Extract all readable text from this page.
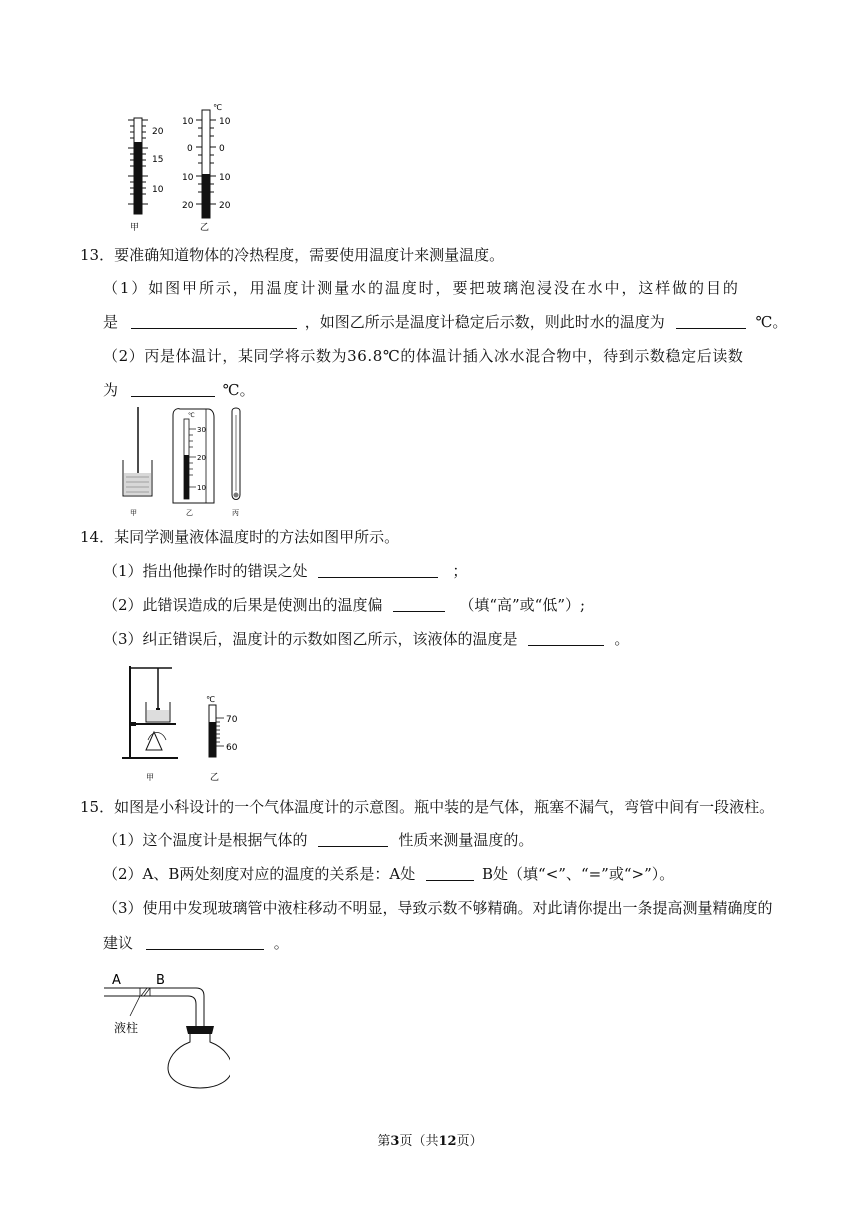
20
15
10
甲
℃
10
0
10
20
10
0
10
20
乙
13．要准确知道物体的冷热程度，需要使用温度计来测量温度。
（1）如图甲所示，用温度计测量水的温度时，要把玻璃泡浸没在水中，这样做的目的
是	，如图乙所示是温度计稳定后示数，则此时水的温度为	℃。
（2）丙是体温计，某同学将示数为36.8℃的体温计插入冰水混合物中，待到示数稳定后读数
为	℃。
甲
℃
30
20
10
乙	丙
14．某同学测量液体温度时的方法如图甲所示。
（1）指出他操作时的错误之处	；
（2）此错误造成的后果是使测出的温度偏	（填“高”或“低”）;
（3）纠正错误后，温度计的示数如图乙所示，该液体的温度是	。
甲
℃
70
60
乙
15．如图是小科设计的一个气体温度计的示意图。瓶中装的是气体，瓶塞不漏气，弯管中间有一段液柱。
（1）这个温度计是根据气体的	性质来测量温度的。
（2）A、B两处刻度对应的温度的关系是：A处	B处（填“<”、“=”或“>”）。
（3）使用中发现玻璃管中液柱移动不明显，导致示数不够精确。对此请你提出一条提高测量精确度的
建议	。
A	B
液柱
第3页（共12页）
